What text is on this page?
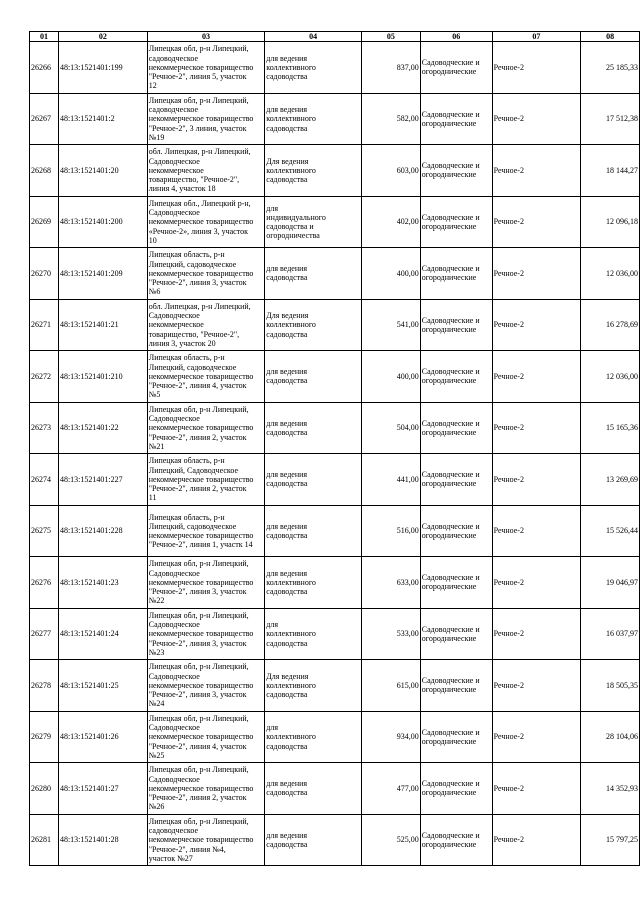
01	02	03	04	05	06	07	08
26266	48:13:1521401:199	Липецкая обл, р-н Липецкий,
садоводческое
некоммерческое товарищество
"Речное-2", линия 5, участок
12	для ведения
коллективного
садоводства	837,00	Садоводческие и
огороднические	Речное-2	25 185,33
26267	48:13:1521401:2	Липецкая обл, р-н Липецкий,
садоводческое
некоммерческое товарищество
"Речное-2", 3 линия, участок
№19	для ведения
коллективного
садоводства	582,00	Садоводческие и
огороднические	Речное-2	17 512,38
26268	48:13:1521401:20	обл. Липецкая, р-н Липецкий,
Садоводческое
некоммерческое
товарищество, "Речное-2",
линия 4, участок 18	Для ведения
коллективного
садоводства	603,00	Садоводческие и
огороднические	Речное-2	18 144,27
26269	48:13:1521401:200	Липецкая обл., Липецкий р-н,
Садоводческое
некоммерческое товарищество
«Речное-2», линия 3, участок
10	для
индивидуального
садоводства и
огородничества	402,00	Садоводческие и
огороднические	Речное-2	12 096,18
26270	48:13:1521401:209	Липецкая область, р-н
Липецкий, садоводческое
некоммерческое товарищество
"Речное-2", линия 3, участок
№6	для ведения
садоводства	400,00	Садоводческие и
огороднические	Речное-2	12 036,00
26271	48:13:1521401:21	обл. Липецкая, р-н Липецкий,
Садоводческое
некоммерческое
товарищество, "Речное-2",
линия 3, участок 20	Для ведения
коллективного
садоводства	541,00	Садоводческие и
огороднические	Речное-2	16 278,69
26272	48:13:1521401:210	Липецкая область, р-н
Липецкий, садоводческое
некоммерческое товарищество
"Речное-2", линия 4, участок
№5	для ведения
садоводства	400,00	Садоводческие и
огороднические	Речное-2	12 036,00
26273	48:13:1521401:22	Липецкая обл, р-н Липецкий,
Садоводческое
некоммерческое товарищество
"Речное-2", линия 2, участок
№21	для ведения
садоводства	504,00	Садоводческие и
огороднические	Речное-2	15 165,36
26274	48:13:1521401:227	Липецкая область, р-н
Липецкий, Садоводческое
некоммерческое товарищество
"Речное-2", линия 2, участок
11	для ведения
садоводства	441,00	Садоводческие и
огороднические	Речное-2	13 269,69
26275	48:13:1521401:228	Липецкая область, р-н
Липецкий, садоводческое
некоммерческое товарищество
"Речное-2", линия 1, участк 14	для ведения
садоводства	516,00	Садоводческие и
огороднические	Речное-2	15 526,44
26276	48:13:1521401:23	Липецкая обл, р-н Липецкий,
Садоводческое
некоммерческое товарищество
"Речное-2", линия 3, участок
№22	для ведения
коллективного
садоводства	633,00	Садоводческие и
огороднические	Речное-2	19 046,97
26277	48:13:1521401:24	Липецкая обл, р-н Липецкий,
Садоводческое
некоммерческое товарищество
"Речное-2", линия 3, участок
№23	для
коллективного
садоводства	533,00	Садоводческие и
огороднические	Речное-2	16 037,97
26278	48:13:1521401:25	Липецкая обл, р-н Липецкий,
Садоводческое
некоммерческое товарищество
"Речное-2", линия 3, участок
№24	Для ведения
коллективного
садоводства	615,00	Садоводческие и
огороднические	Речное-2	18 505,35
26279	48:13:1521401:26	Липецкая обл, р-н Липецкий,
Садоводческое
некоммерческое товарищество
"Речное-2", линия 4, участок
№25	для
коллективного
садоводства	934,00	Садоводческие и
огороднические	Речное-2	28 104,06
26280	48:13:1521401:27	Липецкая обл, р-н Липецкий,
Садоводческое
некоммерческое товарищество
"Речное-2", линия 2, участок
№26	для ведения
садоводства	477,00	Садоводческие и
огороднические	Речное-2	14 352,93
26281	48:13:1521401:28	Липецкая обл, р-н Липецкий,
садоводческое
некоммерческое товарищество
"Речное-2", линия №4,
участок №27	для ведения
садоводства	525,00	Садоводческие и
огороднические	Речное-2	15 797,25
